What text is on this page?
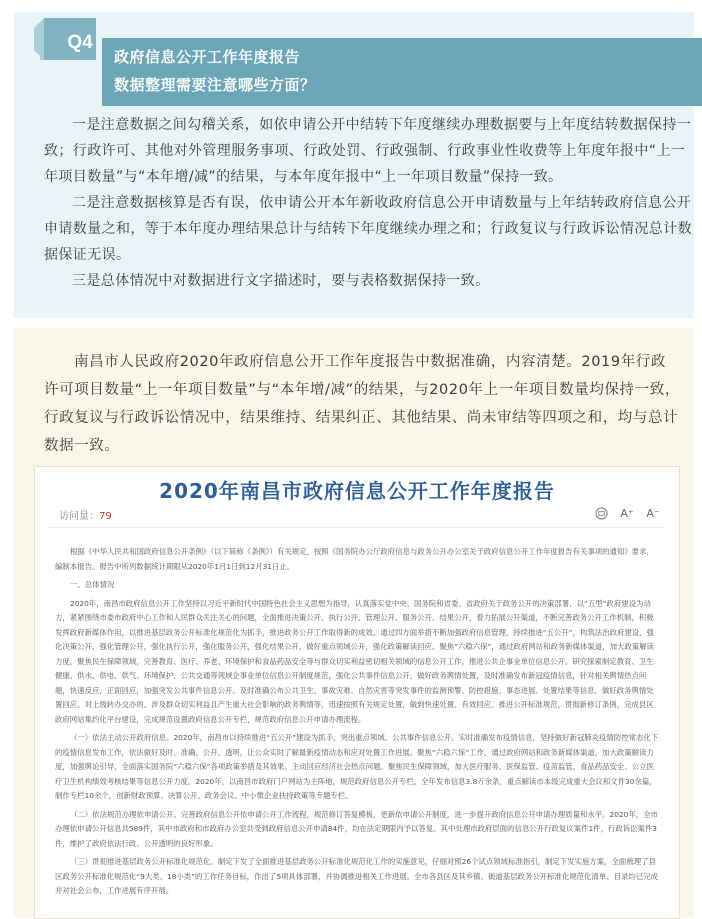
Q4
政府信息公开工作年度报告
数据整理需要注意哪些方面？

一是注意数据之间勾稽关系，如依申请公开中结转下年度继续办理数据要与上年度结转数据保持一致；行政许可、其他对外管理服务事项、行政处罚、行政强制、行政事业性收费等上年度年报中“上一年项目数量”与“本年增/减”的结果，与本年度年报中“上一年项目数量”保持一致。

二是注意数据核算是否有误，依申请公开本年新收政府信息公开申请数量与上年结转政府信息公开申请数量之和，等于本年度办理结果总计与结转下年度继续办理之和；行政复议与行政诉讼情况总计数据保证无误。

三是总体情况中对数据进行文字描述时，要与表格数据保持一致。

南昌市人民政府2020年政府信息公开工作年度报告中数据准确，内容清楚。2019年行政许可项目数量“上一年项目数量”与“本年增/减”的结果，与2020年上一年项目数量均保持一致，行政复议与行政诉讼情况中，结果维持、结果纠正、其他结果、尚未审结等四项之和，均与总计数据一致。

2020年南昌市政府信息公开工作年度报告
访问量：79	A⁺ A⁻

根据《中华人民共和国政府信息公开条例》（以下简称《条例》）有关规定，按照《国务院办公厅政府信息与政务公开办公室关于政府信息公开工作年度报告有关事项的通知》要求，编制本报告。报告中所列数据统计期限从2020年1月1日到12月31日止。

一、总体情况

2020年，南昌市政府信息公开工作坚持以习近平新时代中国特色社会主义思想为指导，认真落实党中央、国务院和省委、省政府关于政务公开的决策部署，以“五型”政府建设为动力，紧紧围绕市委市政府中心工作和人民群众关注关心的问题，全面推进决策公开、执行公开、管理公开、服务公开、结果公开，着力拓展公开渠道，不断完善政务公开工作机制，积极发挥政府新媒体作用，以推进基层政务公开标准化规范化为抓手，推进政务公开工作取得新的成效。通过四方面举措不断加强政府信息管理，持续推进“五公开”，构筑法治政府建设，强化决策公开，强化管理公开，强化执行公开，强化服务公开，强化结果公开，做好重点领域公开，强化政策解读回应。聚焦“六稳六保”，通过政府网站和政务新媒体渠道，加大政策解读力度，聚焦民生保障领域，完善教育、医疗、养老、环境保护和食品药品安全等与群众切实利益密切相关领域的信息公开工作，推进公共企事业单位信息公开。研究探索制定教育、卫生健康、供水、供电、供气、环境保护、公共交通等领域企事业单位信息公开制度规范，强化公共事件信息公开，做好政务舆情处置，及时准确发布新冠疫情信息，针对相关舆情热点问题，快速反应，正面回应，加强突发公共事件信息公开。及时准确公布公共卫生、事故灾难、自然灾害等突发事件的监测预警、防控措施、事态进展、处置结果等信息，做好政务舆情处置回应。对上级转办交办的、涉及群众切实利益且产生重大社会影响的政务舆情等，迅速按照有关规定处置，做到快速处置、有效回应。推进公开标准规范，贯彻新修订条例，完成县区政府网站集约化平台建设，完成规范设置政府信息公开专栏，规范政府信息公开申请办理流程。

（一）依法主动公开政府信息。2020年，南昌市以持续推进“五公开”建设为抓手，突出重点领域、公共事件信息公开。实时准确发布疫情信息，坚持做好新冠肺炎疫情防控常态化下的疫情信息发布工作，依法做好及时、准确、公开、透明，让公众实时了解最新疫情动态和应对处置工作进展。聚焦“六稳六保”工作，通过政府网站和政务新媒体渠道，加大政策解读力度，加强舆论引导，全面落实国务院“六稳六保”各项政策举措及其效果。主动回应经济社会热点问题。聚焦民生保障领域，加大医疗服务、医保监管、疫苗监管、食品药品安全、公立医疗卫生机构绩效考核结果等信息公开力度。2020年，以南昌市政府门户网站为主阵地，规范政府信息公开专栏，全年发布信息3.8万余条，重点解读市本级完成重大会议和文件30余篇，制作专栏10余个，创新财政预算、决算公开、政务会议、中小微企业扶持政策等专题专栏。

（二）依法规范办理依申请公开。完善政府信息公开依申请公开工作流程，规范修订答复模板，更新依申请公开制度，进一步提升政府信息公开申请办理质量和水平。2020年，全市办理依申请公开信息共589件，其中市政府和市政府办公室共受到政府信息公开申请84件，均在法定期限内予以答复。其中处理市政府层面的信息公开行政复议案件1件，行政诉讼案件3件，维护了政府依法行政、公开透明的良好形象。

（三）贯彻推进基层政务公开标准化规范化。制定下发了全面推进基层政务公开标准化规范化工作的实施意见，仔细对照26个试点领域标准指引，制定下发实施方案，全面梳理了县区政务公开标准化规范化“9大类、18小类”的工作任务目标，作出了5项具体部署，并协调推进相关工作进展。全市各县区及其乡镇、街道基层政务公开标准化规范化清单、目录均已完成并对社会公布，工作进展有序开展。
